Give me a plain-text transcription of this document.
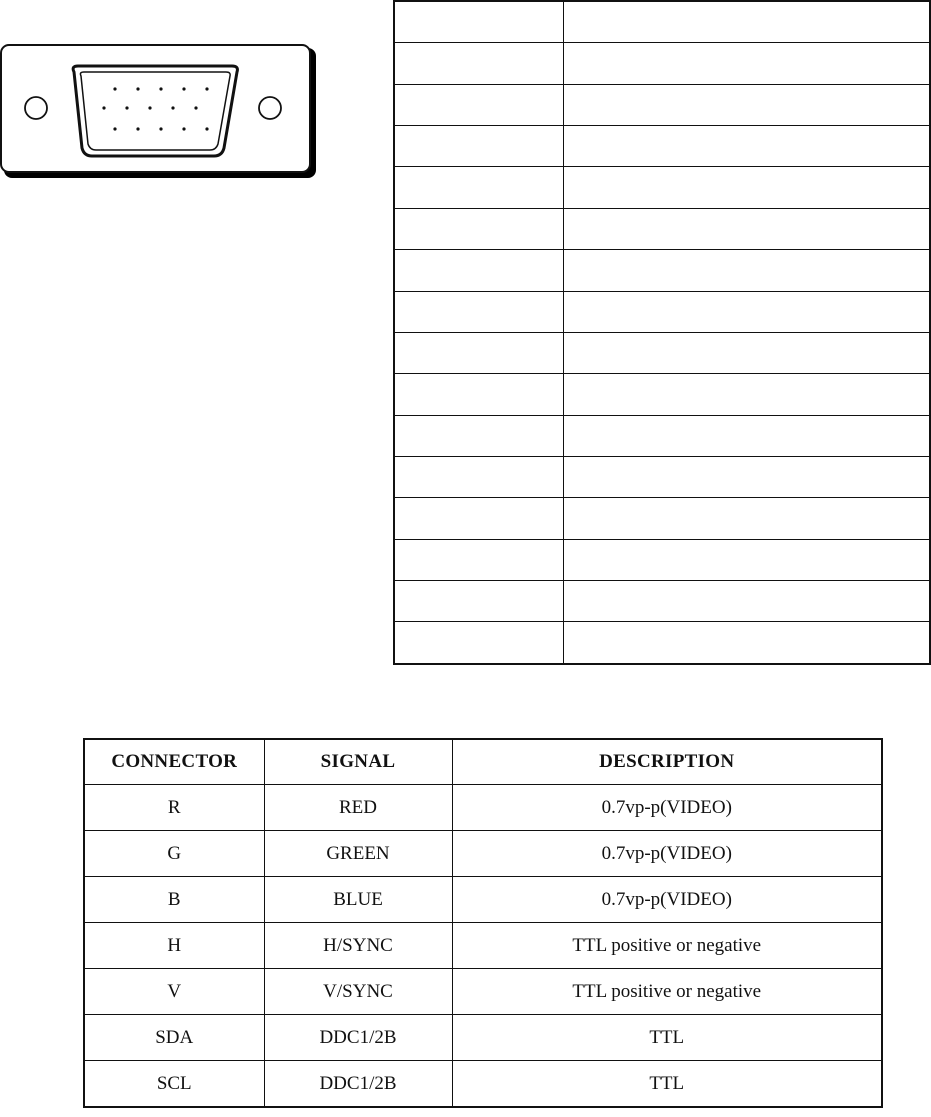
CONNECTOR	SIGNAL	DESCRIPTION
R	RED	0.7vp-p(VIDEO)
G	GREEN	0.7vp-p(VIDEO)
B	BLUE	0.7vp-p(VIDEO)
H	H/SYNC	TTL positive or negative
V	V/SYNC	TTL positive or negative
SDA	DDC1/2B	TTL
SCL	DDC1/2B	TTL
